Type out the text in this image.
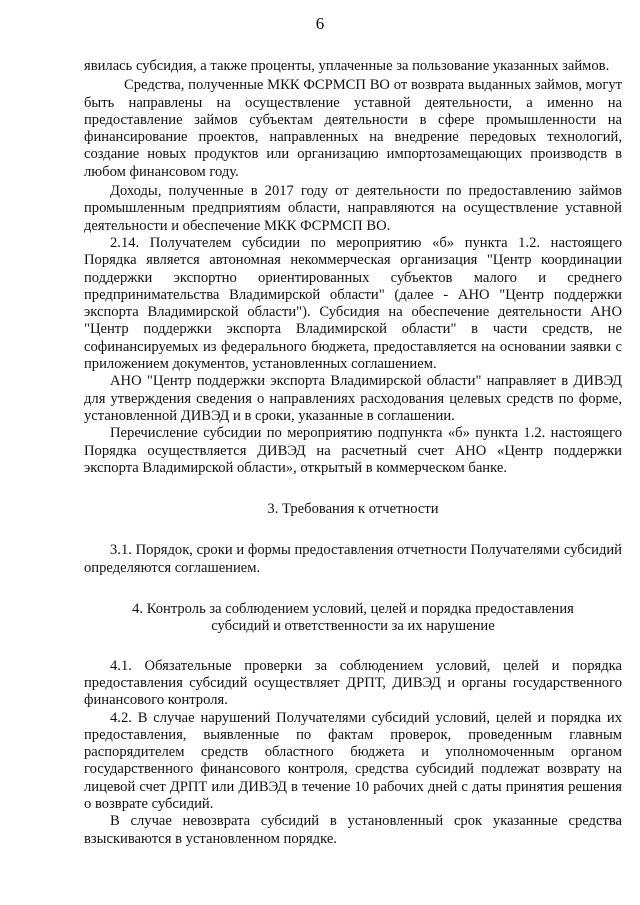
6

явилась субсидия, а также проценты, уплаченные за пользование указанных займов.

Средства, полученные МКК ФСРМСП ВО от возврата выданных займов, могут быть направлены на осуществление уставной деятельности, а именно на предоставление займов субъектам деятельности в сфере промышленности на финансирование проектов, направленных на внедрение передовых технологий, создание новых продуктов или организацию импортозамещающих производств в любом финансовом году.

Доходы, полученные в 2017 году от деятельности по предоставлению займов промышленным предприятиям области, направляются на осуществление уставной деятельности и обеспечение МКК ФСРМСП ВО.

2.14. Получателем субсидии по мероприятию «б» пункта 1.2. настоящего Порядка является автономная некоммерческая организация "Центр координации поддержки экспортно ориентированных субъектов малого и среднего предпринимательства Владимирской области" (далее - АНО "Центр поддержки экспорта Владимирской области"). Субсидия на обеспечение деятельности АНО "Центр поддержки экспорта Владимирской области" в части средств, не софинансируемых из федерального бюджета, предоставляется на основании заявки с приложением документов, установленных соглашением.

АНО "Центр поддержки экспорта Владимирской области" направляет в ДИВЭД для утверждения сведения о направлениях расходования целевых средств по форме, установленной ДИВЭД и в сроки, указанные в соглашении.

Перечисление субсидии по мероприятию подпункта «б» пункта 1.2. настоящего Порядка осуществляется ДИВЭД на расчетный счет АНО «Центр поддержки экспорта Владимирской области», открытый в коммерческом банке.

3. Требования к отчетности

3.1. Порядок, сроки и формы предоставления отчетности Получателями субсидий определяются соглашением.

4. Контроль за соблюдением условий, целей и порядка предоставления субсидий и ответственности за их нарушение

4.1. Обязательные проверки за соблюдением условий, целей и порядка предоставления субсидий осуществляет ДРПТ, ДИВЭД и органы государственного финансового контроля.

4.2. В случае нарушений Получателями субсидий условий, целей и порядка их предоставления, выявленные по фактам проверок, проведенным главным распорядителем средств областного бюджета и уполномоченным органом государственного финансового контроля, средства субсидий подлежат возврату на лицевой счет ДРПТ или ДИВЭД в течение 10 рабочих дней с даты принятия решения о возврате субсидий.

В случае невозврата субсидий в установленный срок указанные средства взыскиваются в установленном порядке.
